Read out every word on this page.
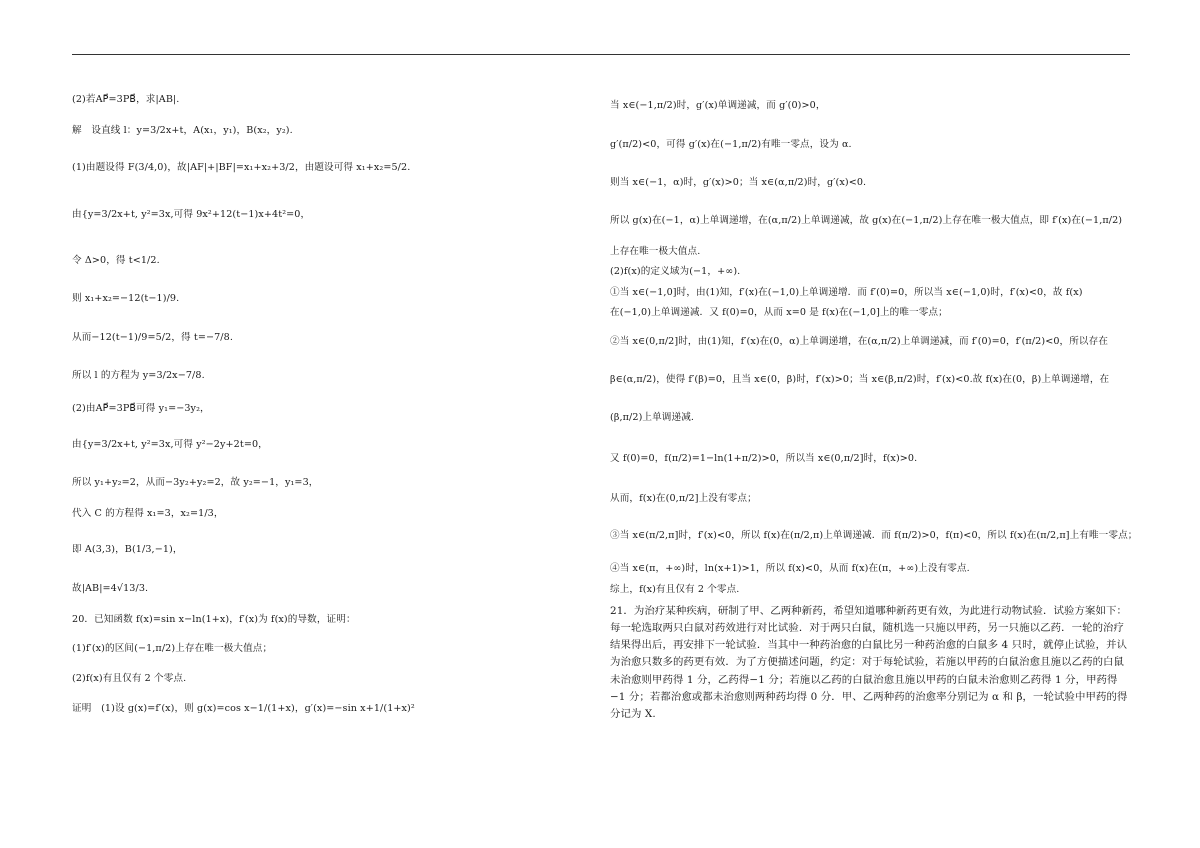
(2)若AP⃗=3PB⃗，求|AB|.
解　设直线 l：y=3/2x+t，A(x₁，y₁)，B(x₂，y₂).
(1)由题设得 F(3/4,0)，故|AF|+|BF|=x₁+x₂+3/2，由题设可得 x₁+x₂=5/2.
由{y=3/2x+t, y²=3x,可得 9x²+12(t−1)x+4t²=0，
令 Δ>0，得 t<1/2.
则 x₁+x₂=−12(t−1)/9.
从而−12(t−1)/9=5/2，得 t=−7/8.
所以 l 的方程为 y=3/2x−7/8.
(2)由AP⃗=3PB⃗可得 y₁=−3y₂，
由{y=3/2x+t, y²=3x,可得 y²−2y+2t=0，
所以 y₁+y₂=2，从而−3y₂+y₂=2，故 y₂=−1，y₁=3，
代入 C 的方程得 x₁=3，x₂=1/3，
即 A(3,3)，B(1/3,−1)，
故|AB|=4√13/3.
20．已知函数 f(x)=sin x−ln(1+x)，f′(x)为 f(x)的导数，证明：
(1)f′(x)的区间(−1,π/2)上存在唯一极大值点；
(2)f(x)有且仅有 2 个零点.
证明　(1)设 g(x)=f′(x)，则 g(x)=cos x−1/(1+x)，g′(x)=−sin x+1/(1+x)²
当 x∈(−1,π/2)时，g′(x)单调递减，而 g′(0)>0，
g′(π/2)<0，可得 g′(x)在(−1,π/2)有唯一零点，设为 α.
则当 x∈(−1，α)时，g′(x)>0；当 x∈(α,π/2)时，g′(x)<0.
所以 g(x)在(−1，α)上单调递增，在(α,π/2)上单调递减，故 g(x)在(−1,π/2)上存在唯一极大值点，即 f′(x)在(−1,π/2)
上存在唯一极大值点.
(2)f(x)的定义域为(−1，+∞).
①当 x∈(−1,0]时，由(1)知，f′(x)在(−1,0)上单调递增．而 f′(0)=0，所以当 x∈(−1,0)时，f′(x)<0，故 f(x)
在(−1,0)上单调递减．又 f(0)=0，从而 x=0 是 f(x)在(−1,0]上的唯一零点；
②当 x∈(0,π/2]时，由(1)知，f′(x)在(0，α)上单调递增，在(α,π/2)上单调递减，而 f′(0)=0，f′(π/2)<0，所以存在
β∈(α,π/2)，使得 f′(β)=0，且当 x∈(0，β)时，f′(x)>0；当 x∈(β,π/2)时，f′(x)<0.故 f(x)在(0，β)上单调递增，在
(β,π/2)上单调递减.
又 f(0)=0，f(π/2)=1−ln(1+π/2)>0，所以当 x∈(0,π/2]时，f(x)>0.
从而，f(x)在(0,π/2]上没有零点；
③当 x∈(π/2,π]时，f′(x)<0，所以 f(x)在(π/2,π)上单调递减．而 f(π/2)>0，f(π)<0，所以 f(x)在(π/2,π]上有唯一零点；
④当 x∈(π，+∞)时，ln(x+1)>1，所以 f(x)<0，从而 f(x)在(π，+∞)上没有零点.
综上，f(x)有且仅有 2 个零点.
21．为治疗某种疾病，研制了甲、乙两种新药，希望知道哪种新药更有效，为此进行动物试验．试验方案如下：每一轮选取两只白鼠对药效进行对比试验．对于两只白鼠，随机选一只施以甲药，另一只施以乙药．一轮的治疗结果得出后，再安排下一轮试验．当其中一种药治愈的白鼠比另一种药治愈的白鼠多 4 只时，就停止试验，并认为治愈只数多的药更有效．为了方便描述问题，约定：对于每轮试验，若施以甲药的白鼠治愈且施以乙药的白鼠未治愈则甲药得 1 分，乙药得−1 分；若施以乙药的白鼠治愈且施以甲药的白鼠未治愈则乙药得 1 分，甲药得−1 分；若都治愈或都未治愈则两种药均得 0 分．甲、乙两种药的治愈率分别记为 α 和 β，一轮试验中甲药的得分记为 X.
